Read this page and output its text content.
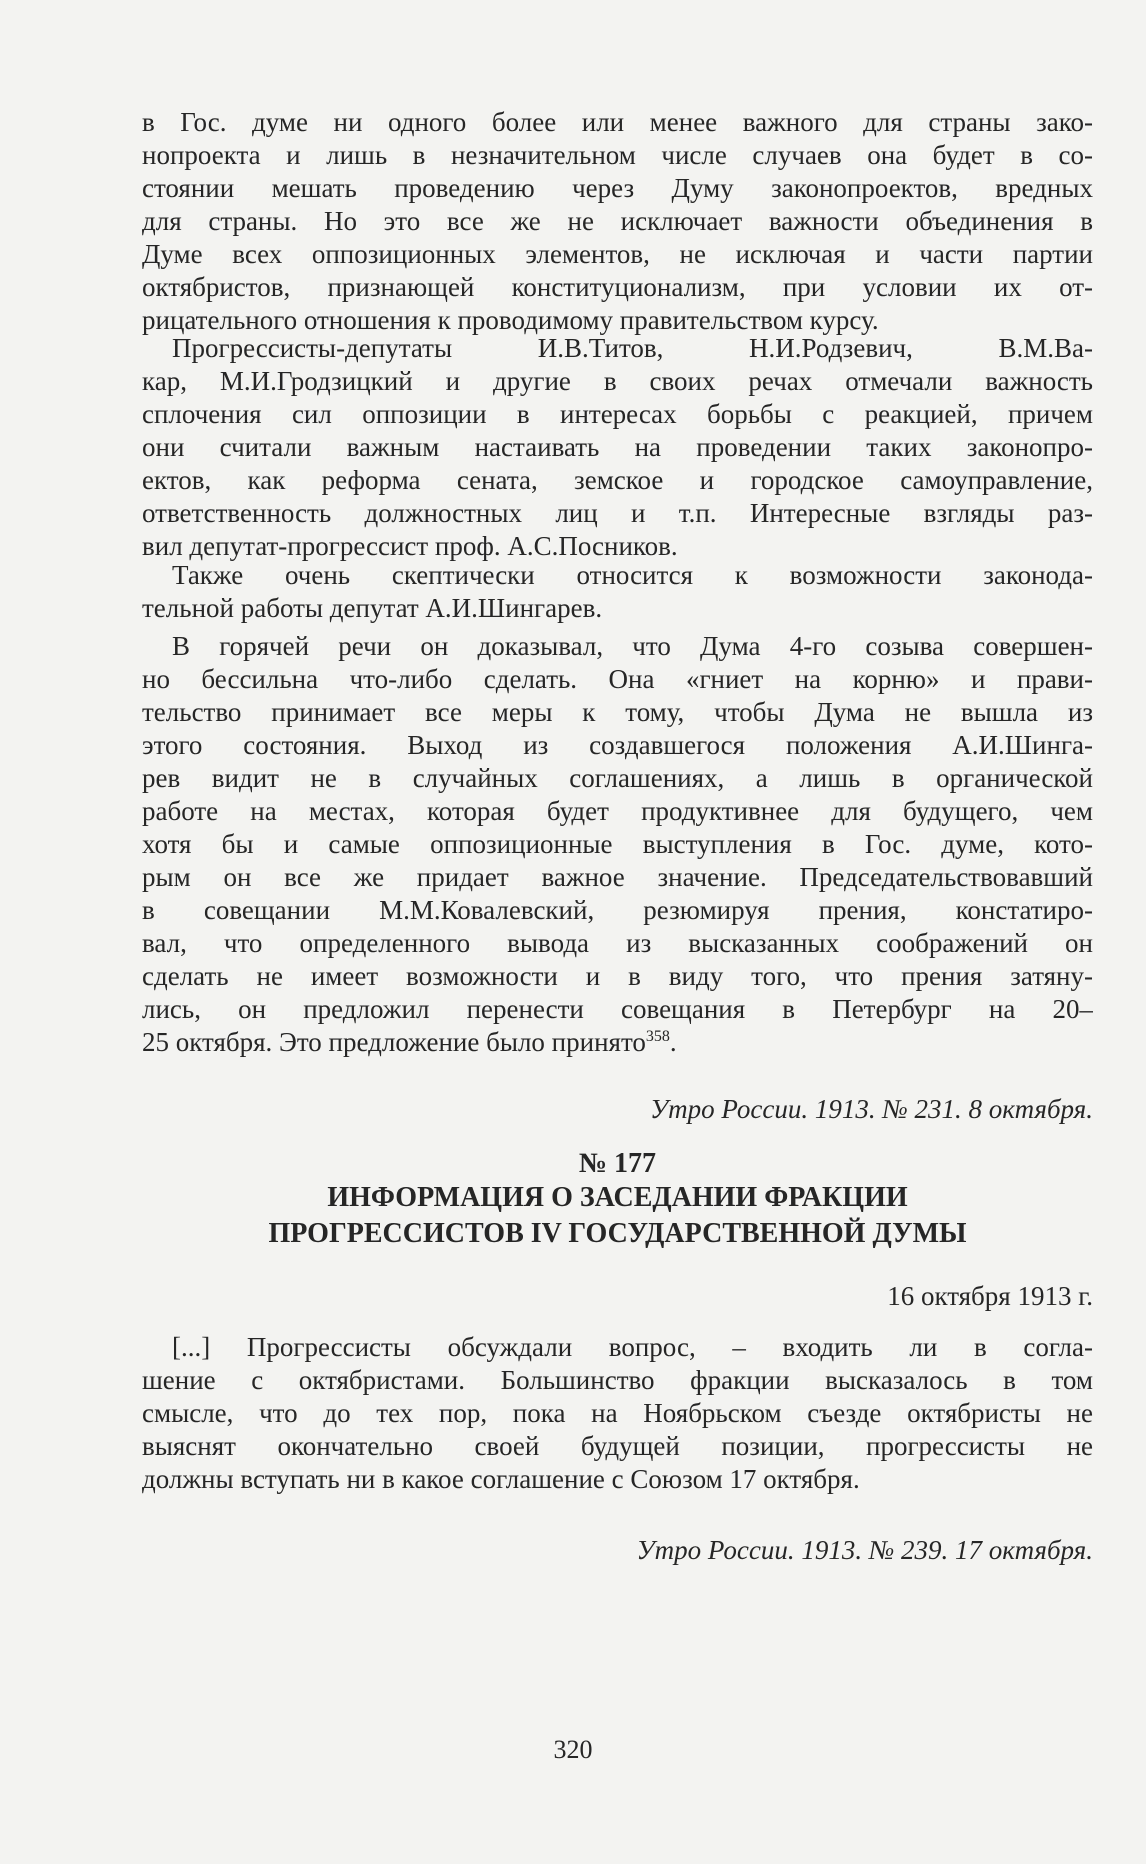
в Гос. думе ни одного более или менее важного для страны зако-
нопроекта и лишь в незначительном числе случаев она будет в со-
стоянии мешать проведению через Думу законопроектов, вредных
для страны. Но это все же не исключает важности объединения в
Думе всех оппозиционных элементов, не исключая и части партии
октябристов, признающей конституционализм, при условии их от-
рицательного отношения к проводимому правительством курсу.
Прогрессисты-депутаты И.В.Титов, Н.И.Родзевич, В.М.Ва-
кар, М.И.Гродзицкий и другие в своих речах отмечали важность
сплочения сил оппозиции в интересах борьбы с реакцией, причем
они считали важным настаивать на проведении таких законопро-
ектов, как реформа сената, земское и городское самоуправление,
ответственность должностных лиц и т.п. Интересные взгляды раз-
вил депутат-прогрессист проф. А.С.Посников.
Также очень скептически относится к возможности законода-
тельной работы депутат А.И.Шингарев.
В горячей речи он доказывал, что Дума 4-го созыва совершен-
но бессильна что-либо сделать. Она «гниет на корню» и прави-
тельство принимает все меры к тому, чтобы Дума не вышла из
этого состояния. Выход из создавшегося положения А.И.Шинга-
рев видит не в случайных соглашениях, а лишь в органической
работе на местах, которая будет продуктивнее для будущего, чем
хотя бы и самые оппозиционные выступления в Гос. думе, кото-
рым он все же придает важное значение. Председательствовавший
в совещании М.М.Ковалевский, резюмируя прения, констатиро-
вал, что определенного вывода из высказанных соображений он
сделать не имеет возможности и в виду того, что прения затяну-
лись, он предложил перенести совещания в Петербург на 20–
25 октября. Это предложение было принято$^{358}$.
Утро России. 1913. № 231. 8 октября.
№ 177
ИНФОРМАЦИЯ О ЗАСЕДАНИИ ФРАКЦИИ
ПРОГРЕССИСТОВ IV ГОСУДАРСТВЕННОЙ ДУМЫ
16 октября 1913 г.
[...] Прогрессисты обсуждали вопрос, – входить ли в согла-
шение с октябристами. Большинство фракции высказалось в том
смысле, что до тех пор, пока на Ноябрьском съезде октябристы не
выяснят окончательно своей будущей позиции, прогрессисты не
должны вступать ни в какое соглашение с Союзом 17 октября.
Утро России. 1913. № 239. 17 октября.
320
